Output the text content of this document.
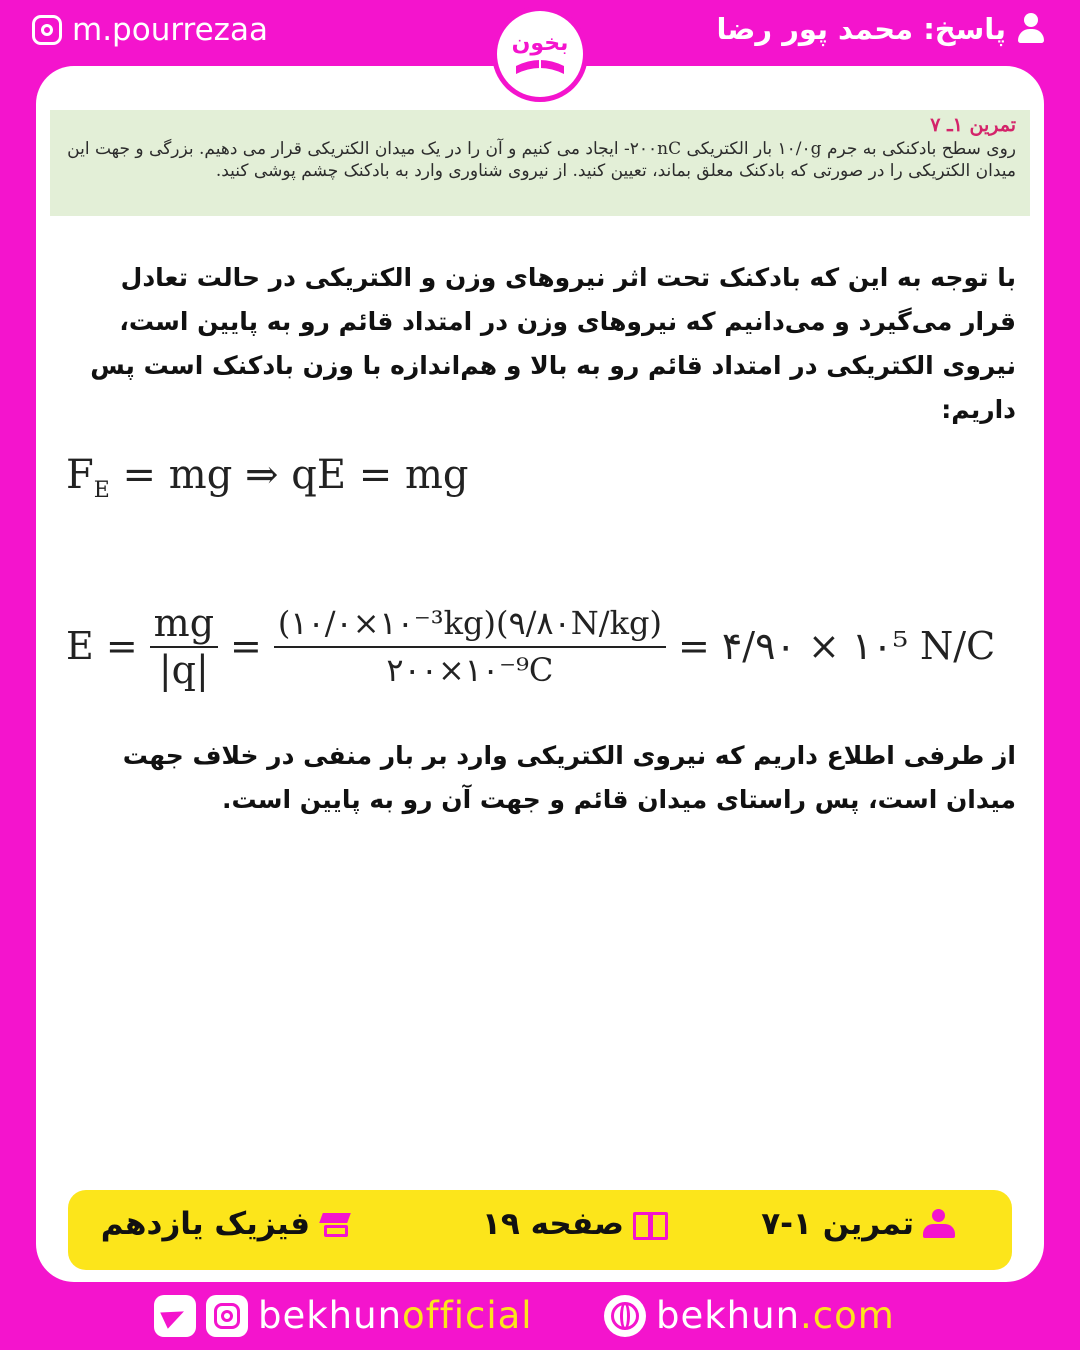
m.pourrezaa	پاسخ: محمد پور رضا
تمرین ۱ـ ۷
روی سطح بادکنکی به جرم ۱۰/۰g بار الکتریکی ۲۰۰nC- ایجاد می کنیم و آن را در یک میدان الکتریکی قرار می دهیم. بزرگی و جهت این میدان الکتریکی را در صورتی که بادکنک معلق بماند، تعیین کنید. از نیروی شناوری وارد به بادکنک چشم پوشی کنید.
با توجه به این که بادکنک تحت اثر نیروهای وزن و الکتریکی در حالت تعادل قرار می‌گیرد و می‌دانیم که نیروهای وزن در امتداد قائم رو به پایین است، نیروی الکتریکی در امتداد قائم رو به بالا و هم‌اندازه با وزن بادکنک است پس داریم:
$F_E$ = mg ⇒ qE = mg
$E = \frac{mg}{|q|} = \frac{\text{(۱۰/۰×۱۰⁻³kg)(۹/۸۰N/kg)}}{\text{۲۰۰×۱۰⁻⁹C}}$ = ۴/۹۰ × ۱۰⁵ N/C
از طرفی اطلاع داریم که نیروی الکتریکی وارد بر بار منفی در خلاف جهت میدان است، پس راستای میدان قائم و جهت آن رو به پایین است.
بخون
تمرین ۱-۷
صفحه ۱۹
فیزیک یازدهم
bekhunofficial	bekhun.com
